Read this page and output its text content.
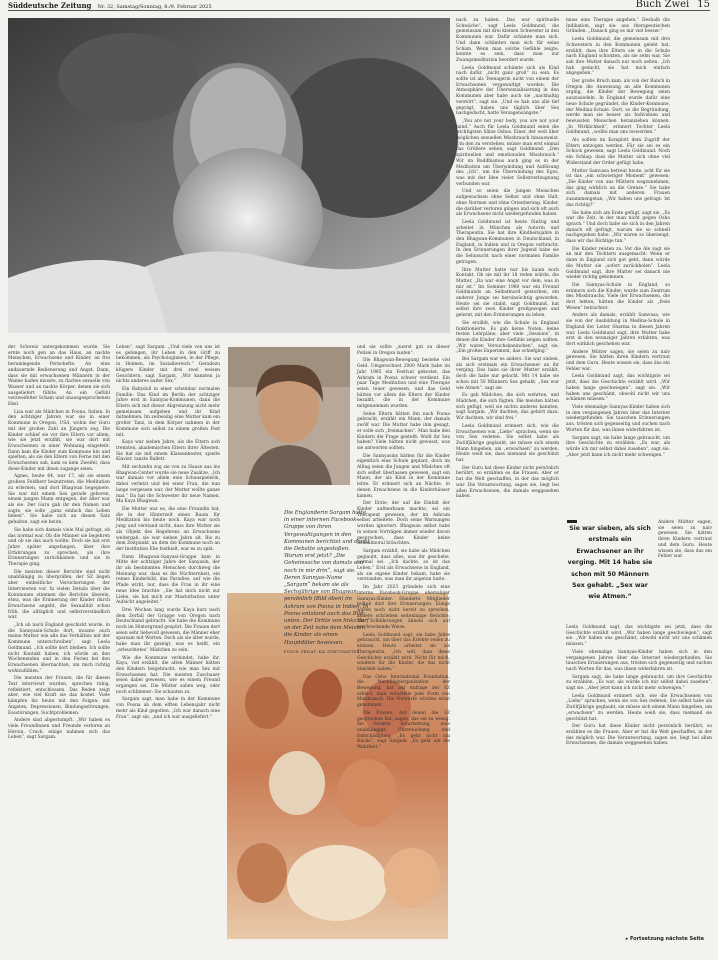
Süddeutsche Zeitung Nr. 32, Samstag/Sonntag, 8./9. Februar 2025	Buch Zwei 15
Die Englanderin Sargam hatte in einer internen Facebook-Gruppe von ihren Vergewaltigungen in den Kommunen berichtet und damit die Debatte angestoßen. Warum erst jetzt? „Die Geheimsache von damals war noch in mir drin“, sagt sie. Deren Sannyas-Name „Sargam“ bekam sie als Sechsjährige von Bhagwan persönlich (Bild oben) im Ashram von Poona in Indien. In Poona entstand auch das Bild unten. Der Dritte von links darf an der Zeit nahe dem Meister, die Kinder als einen Hauptdüter bewiesen.
FOTOS: PRIVAT; KAI STRITTMATTER

der Schweiz untergekommen wurde. Sie ernte noch gen an das Haus, an nackte Menschen, Erwachsene und Kinder, an frei herumlegende Pornohefte. An eine andauernde Bedienerung und Angst. Dann, dass sie mit erwachsenen Männern in der Wanne baden musste, zu flaches sexuelle von Wasser und an nackte Körper, denen sie sich ausgeliefert fühlte. An ein Gefühl verzweifelter Scham und unausgesprochenen Ekel.

Lisa war als Mädchen in Poona, Indien. In den achtziger Jahren war sie in einer Kommune in Oregon, USA, wohin der Guru mit der großen Zahl an Jüngern zog. Die Kinder schlief sie vor ihre Eltern vor allem, wie sie jetzt erzählt, sie war dort mit Erwachsenen in einer Wohnung eingeteilt. Dann kam die Kinder zum Kommune hin und spielten, als sie den Eltern von Ferne mit den Erwachsenen sah, kam es kein Zweifel, dass diese Kinder mit ihnen zugange seien.

Agnes, heute 64, war 17, als sie einem großem Feldherr beizutreten, die Meditation zu erlernen, und dort Bhagwan begegnete. Sie war mit einem Sex gerade geboren, einem jungen Mann entgegen, der älter war als sie. Der Guru gab ihr den Namen und sagte, sie solle „ganz einfach das Leben lieben“. Sie habe sich an diesen Satz gehalten, sagt sie heute.

Sie habe sich damals viele Mal gefragt, ob das normal war. Ob die Männer sie begehren und ob sie das auch wollte. Doch sie hat erst Jahre später angefangen, über ihre Erfahrungen zu sprechen, als ihre Erinnerungen zurückkamen und sie in Therapie ging.

Die meisten dieser Berichte sind nicht unabhängig zu überprüfen, der SZ liegen aber einheitliche Versicherungen der Interviewten vor. In vielen Details über die Kommunen stimmen die Berichte überein, etwa, was die Erinnerung der Kinder durch Erwachsene angeht, die Sexualität schon früh, die alltäglich und selbstverständlich war.

„Ich ab nach England geschickt wurde, in die Sannyasin-Schule dort, musste auch meine Mutter wie alle das Verhältnis mit der Kommune unterschreiben“, sagt Leela Goldmund. „Ich sollte dort bleiben. Ich sollte nicht Kontakt haben, ich würde an den Wochenenden und in den Ferien bei den Erwachsenen übernachten, um mich richtig wohlzufühlen.“

Die meisten der Frauen, die für diesen Text interviewt wurden, sprechen ruhig, reflektiert, entschlossen. Das Reden zeigt aber, wie viel Kraft sie das kostet. Viele kämpfen bis heute mit den Folgen: mit Ängsten, Depressionen, Bindungsstörungen, Essstörungen, Suchtproblemen.

Andere sind abgestumpft. „Wir haben es viele Freundinnen und Freunde verloren an Heroin, Crack, einige nahmen sich das Leben“, sagt Sargam.

Leben“, sagt Sargam. „Und viele von uns ist es gelungen, ihr Leben in den Griff zu bekommen, als Psychologinnen, in der Pflege, in Heimen, im Sozialbereich.“ Geradezu klügere Kinder mit drei zwei weisen Gesichtern, sagt Sargam, „Wir kannten ja nichts anderes außer Sex.“

Ein Babydoll in einer scheinbar normalen Familie: Das Kind im Berlin der achtziger Jahre erst in Sannyas-Kommunen, dann die Eltern sich mit dieser Abgrenzung nicht mehr gemeinsam aufgeben und ihr Kind mitnehmen. Im zeitweilig eine Mutter kam ein großer Tanz, in dem Körper nahmen in der Kommune sich selbst zu einem großen Fest mit.

Kaya war sieben Jahre, als die Eltern sich trennten, akademischen Eltern ihrer Ältesten. Sie hat sie mit einem Klassenbester, spielte Klavier, tanzte Ballett.

Mit sechzehn zog sie von zu Hause aus ins Bhagwan-Center wurde sie neue Zusätze. „Ich war damals vor allem eine Schauspielerin, dabei verletzt und bei einer Frau, die nun lange vergessen war, der Mutter wollte ganze mal.“ Da hat die Schwester ihr neue Namen, Ma Kaya Bhagwan.

Die Mutter war es, die eine Freundin hat, die in der Hinterzelt einen Raum für Meditation bis heute noch. Kaya war noch jung und verstand nicht, dass ihre Mutter sie als Objekt des Begehrens an Erwachsene weitergab, sie war sieben Jahre alt. Bis zu dem Zeitpunkt, an dem die Kommune noch an der Institution Ehe festhielt, war es zu spät.

Dann Bhagwan-Sanyasi-Gruppe kam in Mitte der achtziger Jahre der Sanyasin, der ihr als bestimmten Menschen durchweg die Meinung war, dass es die Nüchternheit, ein reines Kinderbild, das Paradies, auf wie die Pfade wirkt, nur, dass die Frau in ihr eine neue Idee brachte: „Sie hat mich nicht zur Liebe, sie hat mich zur Masturbation unter Aufsicht angeleitet.“

Drei Wochen lang wurde Kaya kurz nach dem Zerfall der Gruppe von Oregon nach Deutschland gebracht. Sie habe die Kommune noch im Hintergrund gespürt. Die Frauen dort seien sehr liebevoll gewesen, die Männer eher sparsam mit Worten. Doch als sie älter wurde, habe man ihr gezeigt, was es heißt, ein „erleuchtetes“ Mädchen zu sein.

Wie die Kommune verbindet, habe ihr, Kaya, viel erzählt, die alten Männer hätten den Kindern beigebracht, wie man Sex mit Erwachsenen hat. Die meisten Zuschauer seien dabei gewesen, wie es einem Freund ergangen sei. Die Mütter sahen weg, oder noch schlimmer: Sie schauten zu.

Sargam sagt, man habe in der Kommune von Poona ab dem elften Lebensjahr nicht mehr als Kind gegolten. „Ich war danach eine Frau“, sagt sie, „und ich war ausgeliefert.“

und sie sollte „zuerst gut zu dieser Polizei in Oregon laufen“.

Die Bhagwan-Bewegung bestehe viel Geld. Umgerechnet 2000 Mark habe im Jahr 1985 ein Festival gekostet, das Ashram in Poona schwer verdient. Ein paar Tage Meditation und eine Therapie seien teuer gewesen, und das Geld hätten vor allem die Eltern der Kinder bezahlt, die in der Kommune mitgenommen wurden.

Seine Eltern hätten ihn nach Poona gebracht, erzählt ein Mann, der damals zwölf war. Die Mutter habe ihm gesagt, er solle sich „freimachen“. Man habe den Kindern die Frage gestellt: Wollt ihr Sex haben? Viele hätten nicht gewusst, was sie antworten sollten.

Die Sannyasins hätten für die Kinder eigentlich eine Schule geplant, doch im Alltag seien die Jungen und Mädchen oft sich selbst überlassen gewesen, sagt ein Mann, der als Kind in der Kommune lebte. Er erinnert sich an Nächte, in denen Erwachsene in die Kinderhäuser kamen.

Der Erste, der auf die Einfalt der Kinder aufmerksam machte, sei ein Therapeut gewesen, der im Ashram selbst arbeitete. Doch seine Warnungen wurden ignoriert. Bhagwan selbst habe in seinen Vorträgen immer wieder davon gesprochen, dass Kinder keine Sexualmoral bräuchten.

Sargam erzählt, sie habe als Mädchen geglaubt, dass alles, was ihr geschehe, normal sei. „Ich dachte, so ist das Leben.“ Erst als Erwachsene in England, als sie eigene Kinder bekam, habe sie verstanden, was man ihr angetan hatte.

Im Jahr 2023 gründete sich eine interne Facebook-Gruppe ehemaliger Sannyas-Kinder. Hunderte Mitglieder teilten dort ihre Erinnerungen. Einige waren noch nicht bereit zu sprechen, andere schrieben seitenlange Berichte. Die Schilderungen ähneln sich auf erschreckende Weise.

Leela Goldmund sagt, sie habe Jahre gebraucht, um über das Erlebte reden zu können. Heute arbeitet sie als Therapeutin. „Ich will, dass diese Geschichte erzählt wird. Nicht für mich, sondern für die Kinder, die das nicht überlebt haben.“

Das Osho International Foundation, die Nachfolgeorganisation der Bewegung, hat auf Anfrage der SZ erklärt, man verurteile jede Form von Missbrauch. Die Vorwürfe würden ernst genommen.

Die Frauen, mit denen die SZ gesprochen hat, sagen, das sei zu wenig. Sie fordern Aufarbeitung, eine unabhängige Untersuchung und Entschädigung. „Es geht nicht um Rache“, sagt Sargam. „Es geht um die Wahrheit.“

nach zu haben. Das war spirituelle Schwäche“, sagt Leela Goldmund, die gemeinsam mit drei kleinen Schwester in den Kommunen war. Dafür schämte man sich. Und dann schämten man sich für seine Scham. Wenn man solche Gefühle zeigte, konnte es sein, dass man zur Zwangsmeditation beordert wurde.

Leela Goldmund schämte sich als Kind nach dafür, „nicht ganz groß“ zu sein. Es sollte ist als Teenagerin nicht von einem der Erwachsenen vergewaltigt worden. Die Atmosphäre der Übersexualisierung in den Kommunen aber habe auch sie „nachhaltig verstört“, sagt sie. „Und es hab uns alle tief geprägt, haben uns täglich über Sex nachgedacht, hatte Versagensängste.“

„You are not your body, you are not your mind.“ Auch für Leela Goldmund seien die wichtigsten Sätze Oshos. Einer, der weit über möglichen sexuellen Missbrauch hinausweist. Um den zu verstehen, müsse man erst einmal das Größere sehen, sagt Goldmund: „Den spirituellen und emotionalen Missbrauch.“ Wir im Buddhismus auch ging es in der Meditation um Überwindung und Auflösung des „Ich“, um die Überwindung des Egos, was mit der Idee vieler Selbstverleugnung verbunden war.

Und so seien die jungen Menschen aufgewachsen ohne Selbst und ohne Halt, ohne Normen und ohne Orientierung. Kinder, die darüber verloren gingen und sich oft auch als Erwachsene nicht wiedergefunden haben.

Leela Goldmund ist heute fünfzig und arbeitet in München als Autorin und Therapeutin. Sie hat ihre Kindheitsjahre in den Bhagwan-Kommunen in Deutschland, in England, in Indien und in Oregon verbracht. In den Erinnerungen ihrer Jugend habe sie die Sehnsucht nach einer normalen Familie getragen.

Ihre Mutter hatte nur bis kaum noch Kontakt. Ob sie mit ihr 18 reden würde, die Mutter, „Da war eine Angst vor dem, was in mir ist.“ Im Sommer 1980 war ein Freund Goldmunds an Selbstmord gestorben, ein anderer Junge sei heroinsüchtig geworden. Heute sei sie stabil, sagt Goldmund, hat selbst ihre zwei Kinder großgezogen und gelernt, mit den Erinnerungen zu leben.

Sie erzählt, wie die Schule in England funktionierte. Es gab keine Noten, keine festen Lehrpläne, aber viele „Sessions“, in denen die Kinder ihre Gefühle zeigen sollten. „Wir waren Versuchskaninchen“, sagt sie. „Ein großes Experiment, das schiefging.“

Bei Sargam war es anders. Sie war sieben, als sich erstmals ein Erwachsener an ihr verging. Das habe sie ihrer Mutter erzählt, doch die habe nur gelacht. Mit 14 habe sie schon mit 50 Männern Sex gehabt. „Sex war wie Atmen“, sagt sie.

Es gab Mädchen, die sich wehrten, und Mädchen, die sich fügten. Die meisten hätten sich gefügt, weil sie nichts anderes kannten, sagt Sargam. „Wir dachten, das gehört dazu. Wir dachten, wir sind frei.“

Leela Goldmund erinnert sich, wie die Erwachsenen von „Liebe“ sprachen, wenn sie von Sex redeten. Sie selbst habe als Zwölfjährige geglaubt, sie müsse sich einem Mann hingeben, um „erwachsen“ zu werden. Heute weiß sie, dass niemand sie geschützt hat.

Der Guru hat diese Kinder nicht persönlich berührt, so erzählen es die Frauen. Aber er hat die Welt geschaffen, in der das möglich war. Die Verantwortung, sagen sie, liegt bei allen Erwachsenen, die damals weggesehen haben.

muss eine Therapie angehen.“ Deshalb die Indikation, sagt sie: aus therapeutischen Gründen. „Danach ging es mir viel besser.“

Leela Goldmund, die gemeinsam mit drei Schwestern in den Kommunen gelebt hat, erzählt, dass ihre Eltern sie in die Schule nach England schickten, als sie zehn war. Sie sah ihre Mutter danach nur noch selten. „Ich hab gedacht, sie hat mich einfach abgegeben.“

Der große Bruch kam, als von der Ranch in Oregon die Anweisung an alle Kommunen erging, die Kinder der Bewegung seien auszusiedeln. In England wurde dafür eine neue Schule gegründet, die Kinder-Kommune, der Medina-Schule. Dort, so die Begründung, werde man sie besser als Individuen und bewussten Menschen heranziehen können. „In Wirklichkeit“, erinnert Tochter Leela Goldmund, „wollte man uns loswerden.“

Als sollten im Komplott dem Zugriff der Eltern entzogen werden. Für sie sei es ein Schock gewesen, sagt Leela Goldmund. Noch ein Schlag: dass die Mutter sich ohne viel Widerstand der Order gefügt habe.

Mutter Samvasa betreut heute, acht für sie ist das „ein schwieriger Moment“ gewesen: „Die Kinder von uns Müttern wegzunehmen, das ging wirklich an die Grenze.“ Sie habe sich damals mit anderen Frauen zusammengetan, „Wir haben uns gefragt: Ist das richtig?“

Sie habe sich am Ende gefügt, sagt sie. „Es war die Zeit, in der man nicht gegen Osho sprach.“ Und doch habe sie sich in den Jahren danach oft gefragt, warum sie so schnell nachgegeben habe. „Wir waren so überzeugt, dass wir das Richtige tun.“

Die Kinder reisten zu. Vor die Ale sagt sie an mir den Töchtern ausgemacht: Wenn er dann in England sich gut geht, dann würde die Mutter sie „sofort zurückholen“. Leela Goldmund sagt, ihre Mutter sei danach nie wieder richtig gekommen.

Die Sannyas-Schule in England, so erinnern sich die Kinder, wurde zum Zentrum des Missbrauchs. Viele der Erwachsenen, die dort lebten, hätten die Kinder als „freie Wesen“ betrachtet.

Anders als damals, erzählt Samvasa, wie sie von der Ausbildung in Medina-Schule in England der Leiter Sharma in diesen Jahren war. Leela Goldmund sagt, ihre Mutter habe erst in den neunziger Jahren erfahren, was dort wirklich geschehen war.

Andere Mütter sagen, sie seien zu naiv gewesen. Sie hätten ihren Kindern vertraut und dem Guru. Heute wissen sie, dass das ein Fehler war.

Leela Goldmund sagt, das wichtigste sei jetzt, dass die Geschichte erzählt wird. „Wir haben lange geschwiegen“, sagt sie. „Wir haben uns geschämt, obwohl nicht wir uns schämen müssen.“

Viele ehemalige Sannyas-Kinder haben sich in den vergangenen Jahren über das Internet wiedergefunden. Sie tauschen Erinnerungen aus, trösten sich gegenseitig und suchen nach Worten für das, was ihnen widerfahren ist.

Sargam sagt, sie habe lange gebraucht, um ihre Geschichte zu erzählen. „Es war, als würde ich mir selbst dabei zusehen“, sagt sie. „Aber jetzt kann ich nicht mehr schweigen.“

Sie war sieben, als sich erstmals ein Erwachsener an ihr verging. Mit 14 habe sie schon mit 50 Männern Sex gehabt. „Sex war wie Atmen.“

Andere Mütter sagen, sie seien zu naiv gewesen. Sie hätten ihren Kindern vertraut und dem Guru. Heute wissen sie, dass das ein Fehler war.

Leela Goldmund sagt, das wichtigste sei jetzt, dass die Geschichte erzählt wird. „Wir haben lange geschwiegen“, sagt sie. „Wir haben uns geschämt, obwohl nicht wir uns schämen müssen.“

Viele ehemalige Sannyas-Kinder haben sich in den vergangenen Jahren über das Internet wiedergefunden. Sie tauschen Erinnerungen aus, trösten sich gegenseitig und suchen nach Worten für das, was ihnen widerfahren ist.

Sargam sagt, sie habe lange gebraucht, um ihre Geschichte zu erzählen. „Es war, als würde ich mir selbst dabei zusehen“, sagt sie. „Aber jetzt kann ich nicht mehr schweigen.“

Leela Goldmund erinnert sich, wie die Erwachsenen von „Liebe“ sprachen, wenn sie von Sex redeten. Sie selbst habe als Zwölfjährige geglaubt, sie müsse sich einem Mann hingeben, um „erwachsen“ zu werden. Heute weiß sie, dass niemand sie geschützt hat.

Der Guru hat diese Kinder nicht persönlich berührt, so erzählen es die Frauen. Aber er hat die Welt geschaffen, in der das möglich war. Die Verantwortung, sagen sie, liegt bei allen Erwachsenen, die damals weggesehen haben.

▸ Fortsetzung nächste Seite
